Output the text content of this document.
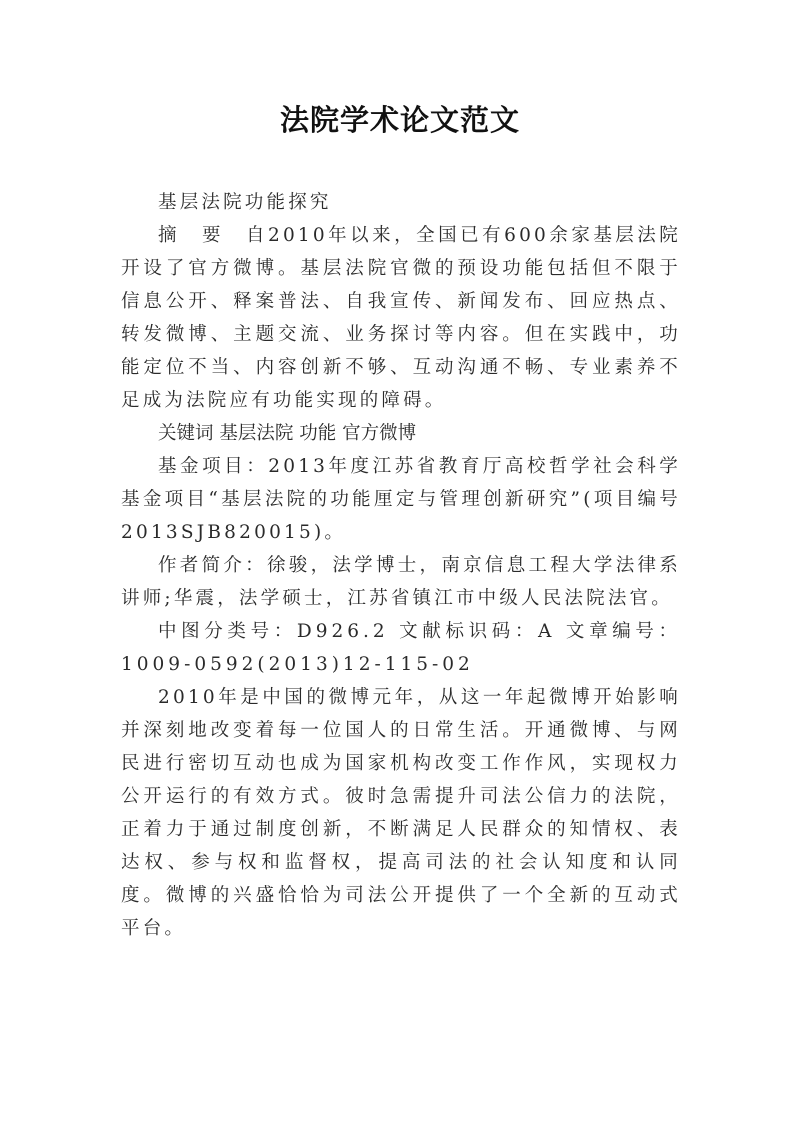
法院学术论文范文

基层法院功能探究

摘　要　自2010年以来，全国已有600余家基层法院开设了官方微博。基层法院官微的预设功能包括但不限于信息公开、释案普法、自我宣传、新闻发布、回应热点、转发微博、主题交流、业务探讨等内容。但在实践中，功能定位不当、内容创新不够、互动沟通不畅、专业素养不足成为法院应有功能实现的障碍。

关键词 基层法院 功能 官方微博

基金项目：2013年度江苏省教育厅高校哲学社会科学基金项目“基层法院的功能厘定与管理创新研究”(项目编号2013SJB820015)。

作者简介：徐骏，法学博士，南京信息工程大学法律系讲师;华震，法学硕士，江苏省镇江市中级人民法院法官。

中图分类号：D926.2 文献标识码：A 文章编号：1009-0592(2013)12-115-02

2010年是中国的微博元年，从这一年起微博开始影响并深刻地改变着每一位国人的日常生活。开通微博、与网民进行密切互动也成为国家机构改变工作作风，实现权力公开运行的有效方式。彼时急需提升司法公信力的法院，正着力于通过制度创新，不断满足人民群众的知情权、表达权、参与权和监督权，提高司法的社会认知度和认同度。微博的兴盛恰恰为司法公开提供了一个全新的互动式平台。
